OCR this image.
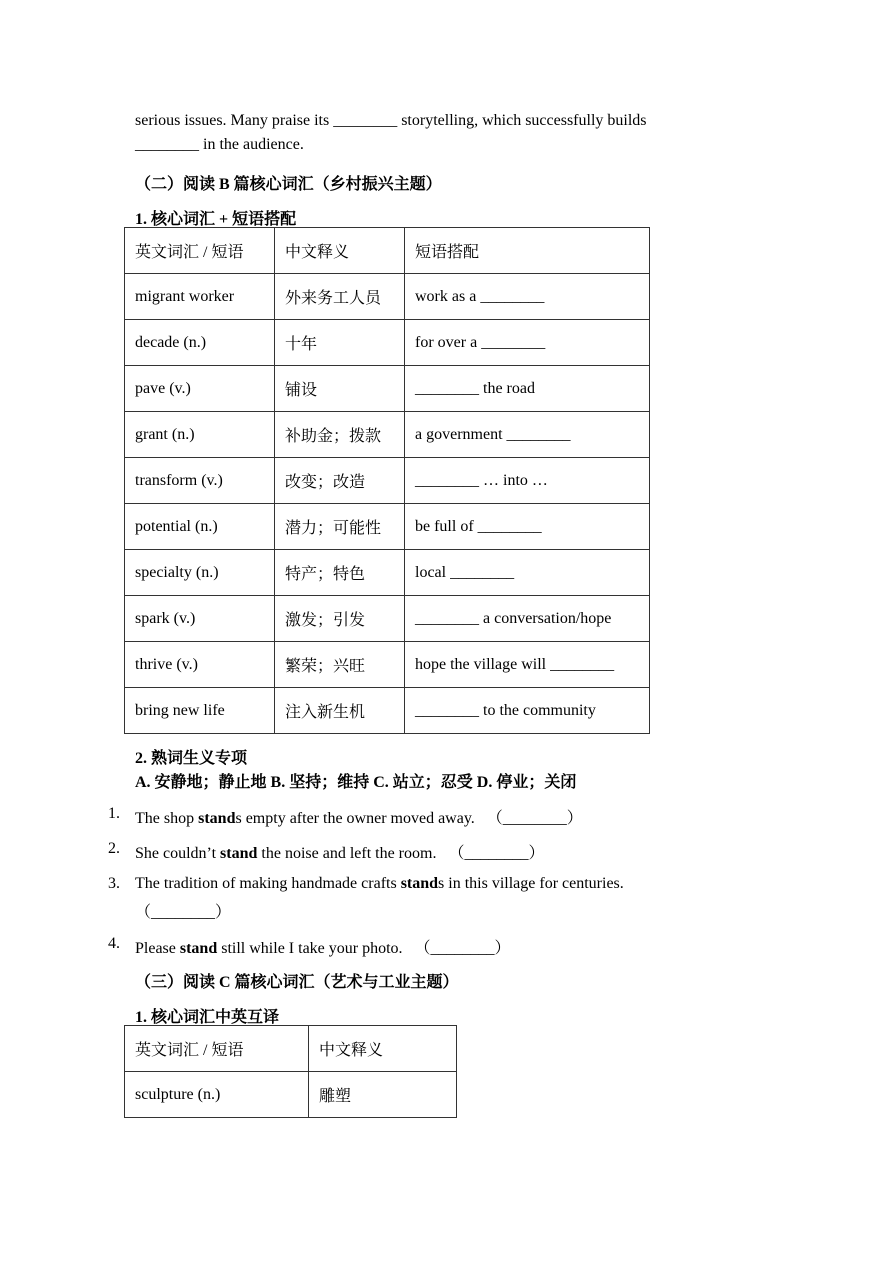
serious issues. Many praise its ________ storytelling, which successfully builds
________ in the audience.
（二）阅读 B 篇核心词汇（乡村振兴主题）
1. 核心词汇 + 短语搭配
英文词汇 / 短语	中文释义	短语搭配
migrant worker	外来务工人员	work as a ________
decade (n.)	十年	for over a ________
pave (v.)	铺设	________ the road
grant (n.)	补助金；拨款	a government ________
transform (v.)	改变；改造	________ … into …
potential (n.)	潜力；可能性	be full of ________
specialty (n.)	特产；特色	local ________
spark (v.)	激发；引发	________ a conversation/hope
thrive (v.)	繁荣；兴旺	hope the village will ________
bring new life	注入新生机	________ to the community
2. 熟词生义专项
A. 安静地；静止地 B. 坚持；维持 C. 站立；忍受 D. 停业；关闭
1. The shop stands empty after the owner moved away. （________）
2. She couldn’t stand the noise and left the room. （________）
3. The tradition of making handmade crafts stands in this village for centuries.
（________）
4. Please stand still while I take your photo. （________）
（三）阅读 C 篇核心词汇（艺术与工业主题）
1. 核心词汇中英互译
英文词汇 / 短语	中文释义
sculpture (n.)	雕塑
